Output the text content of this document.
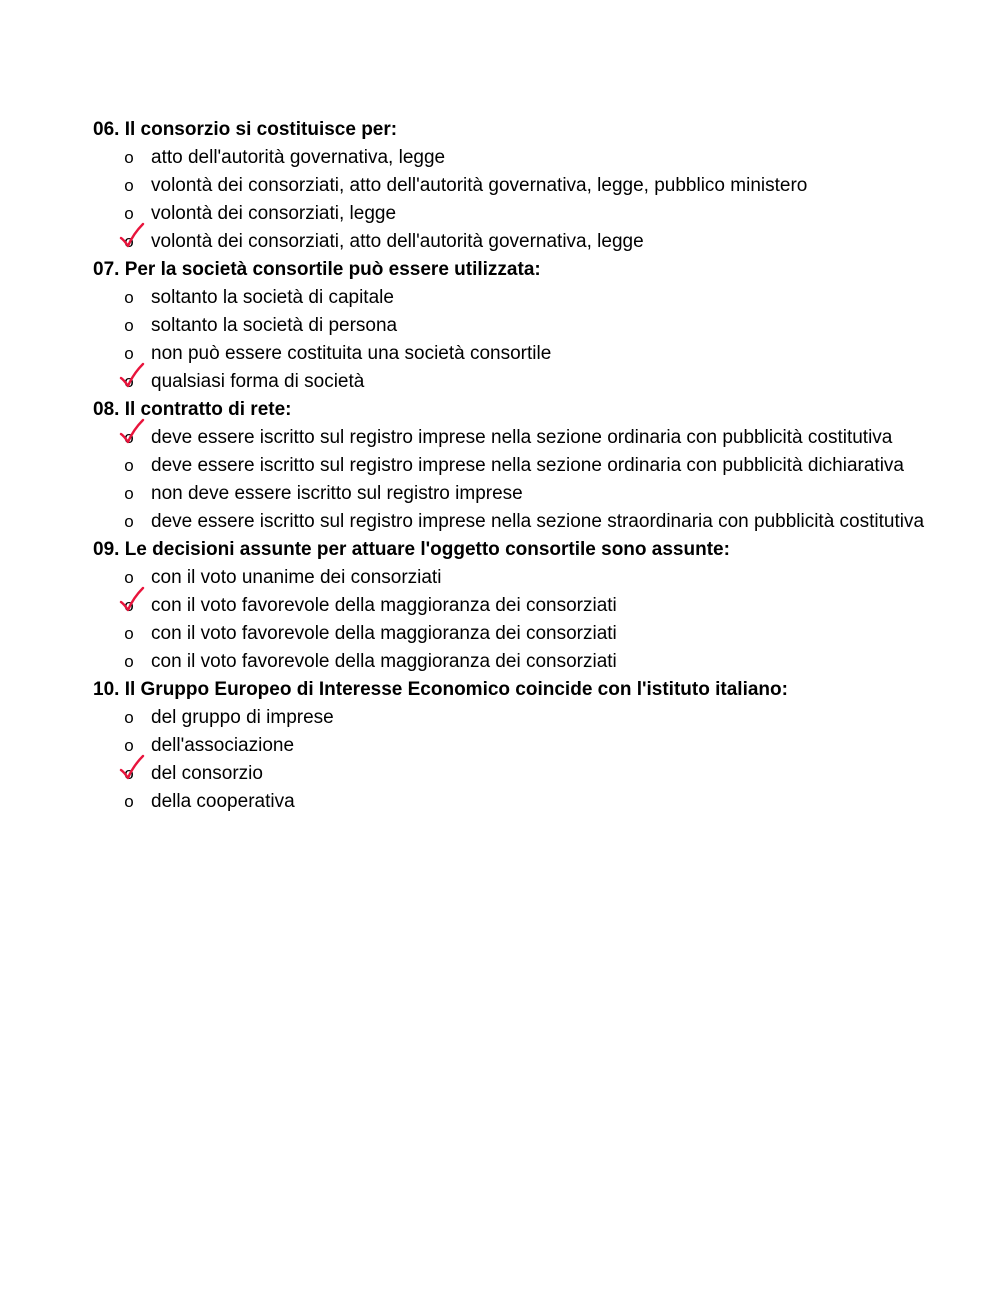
06. Il consorzio si costituisce per:

o atto dell'autorità governativa, legge
o volontà dei consorziati, atto dell'autorità governativa, legge, pubblico ministero
o volontà dei consorziati, legge
o volontà dei consorziati, atto dell'autorità governativa, legge

07. Per la società consortile può essere utilizzata:

o soltanto la società di capitale
o soltanto la società di persona
o non può essere costituita una società consortile
o qualsiasi forma di società

08. Il contratto di rete:

o deve essere iscritto sul registro imprese nella sezione ordinaria con pubblicità costitutiva
o deve essere iscritto sul registro imprese nella sezione ordinaria con pubblicità dichiarativa
o non deve essere iscritto sul registro imprese
o deve essere iscritto sul registro imprese nella sezione straordinaria con pubblicità costitutiva

09. Le decisioni assunte per attuare l'oggetto consortile sono assunte:

o con il voto unanime dei consorziati
o con il voto favorevole della maggioranza dei consorziati
o con il voto favorevole della maggioranza dei consorziati
o con il voto favorevole della maggioranza dei consorziati

10. Il Gruppo Europeo di Interesse Economico coincide con l'istituto italiano:

o del gruppo di imprese
o dell'associazione
o del consorzio
o della cooperativa
